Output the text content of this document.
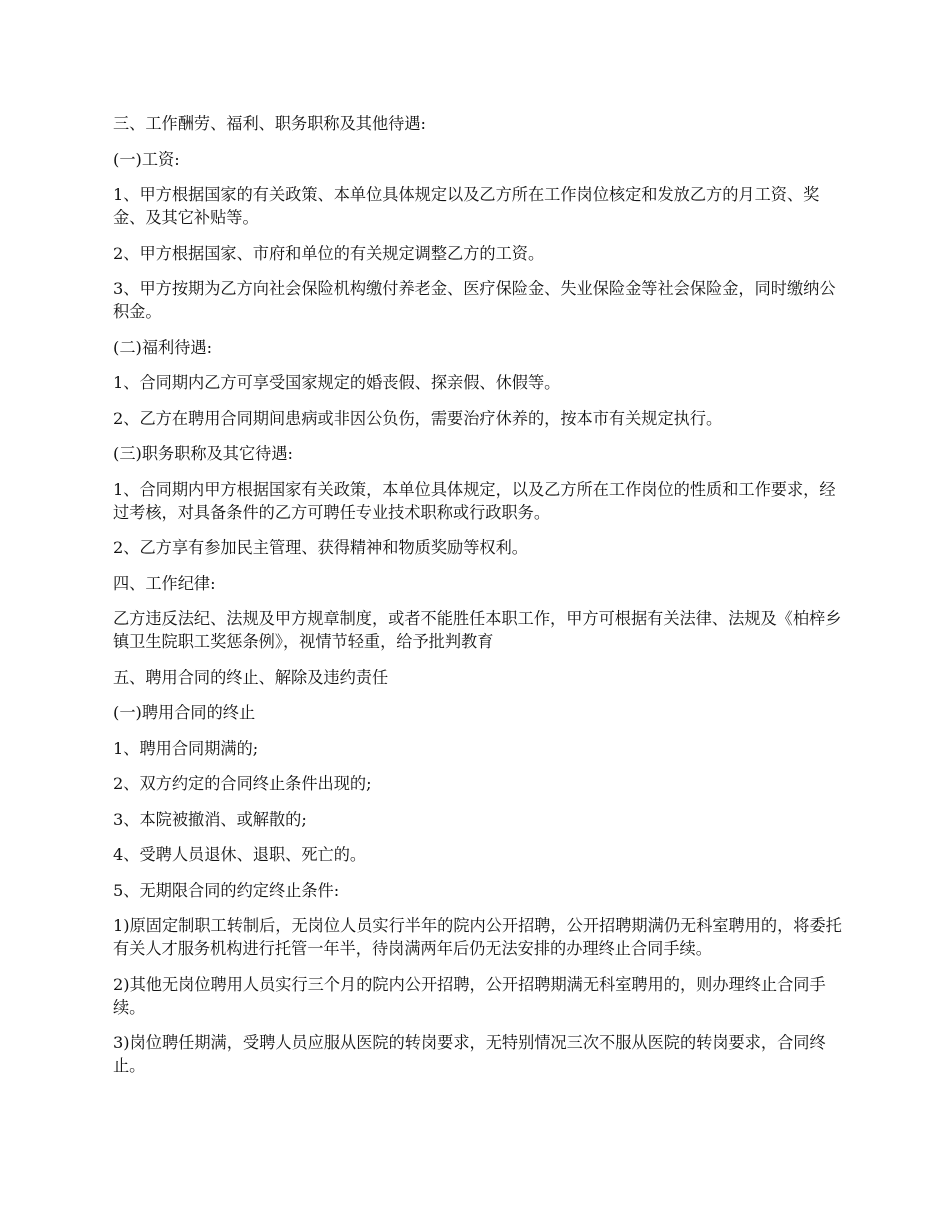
三、工作酬劳、福利、职务职称及其他待遇:

(一)工资:

1、甲方根据国家的有关政策、本单位具体规定以及乙方所在工作岗位核定和发放乙方的月工资、奖金、及其它补贴等。

2、甲方根据国家、市府和单位的有关规定调整乙方的工资。

3、甲方按期为乙方向社会保险机构缴付养老金、医疗保险金、失业保险金等社会保险金，同时缴纳公积金。

(二)福利待遇:

1、合同期内乙方可享受国家规定的婚丧假、探亲假、休假等。

2、乙方在聘用合同期间患病或非因公负伤，需要治疗休养的，按本市有关规定执行。

(三)职务职称及其它待遇:

1、合同期内甲方根据国家有关政策，本单位具体规定，以及乙方所在工作岗位的性质和工作要求，经过考核，对具备条件的乙方可聘任专业技术职称或行政职务。

2、乙方享有参加民主管理、获得精神和物质奖励等权利。

四、工作纪律:

乙方违反法纪、法规及甲方规章制度，或者不能胜任本职工作，甲方可根据有关法律、法规及《柏梓乡镇卫生院职工奖惩条例》，视情节轻重，给予批判教育

五、聘用合同的终止、解除及违约责任

(一)聘用合同的终止

1、聘用合同期满的;

2、双方约定的合同终止条件出现的;

3、本院被撤消、或解散的;

4、受聘人员退休、退职、死亡的。

5、无期限合同的约定终止条件:

1)原固定制职工转制后，无岗位人员实行半年的院内公开招聘，公开招聘期满仍无科室聘用的，将委托有关人才服务机构进行托管一年半，待岗满两年后仍无法安排的办理终止合同手续。

2)其他无岗位聘用人员实行三个月的院内公开招聘，公开招聘期满无科室聘用的，则办理终止合同手续。

3)岗位聘任期满，受聘人员应服从医院的转岗要求，无特别情况三次不服从医院的转岗要求，合同终止。
